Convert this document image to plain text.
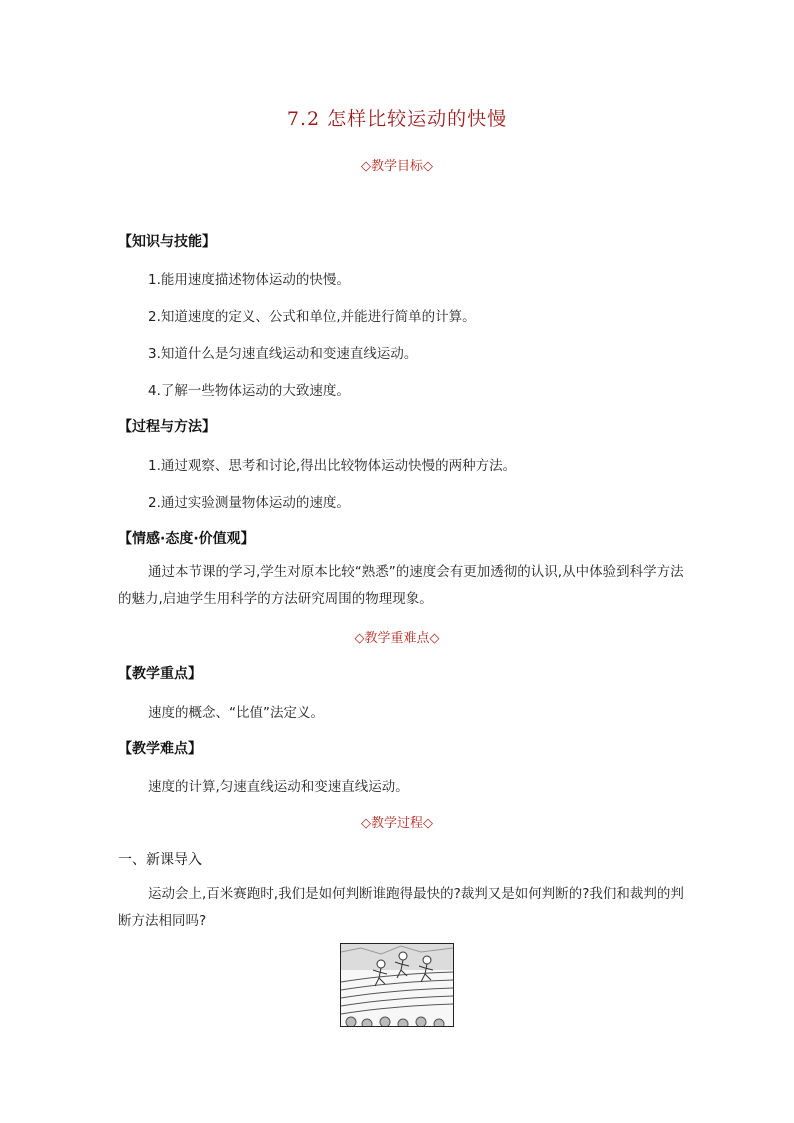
7.2 怎样比较运动的快慢
◇教学目标◇
【知识与技能】
1.能用速度描述物体运动的快慢。
2.知道速度的定义、公式和单位,并能进行简单的计算。
3.知道什么是匀速直线运动和变速直线运动。
4.了解一些物体运动的大致速度。
【过程与方法】
1.通过观察、思考和讨论,得出比较物体运动快慢的两种方法。
2.通过实验测量物体运动的速度。
【情感·态度·价值观】
通过本节课的学习,学生对原本比较“熟悉”的速度会有更加透彻的认识,从中体验到科学方法的魅力,启迪学生用科学的方法研究周围的物理现象。
◇教学重难点◇
【教学重点】
速度的概念、“比值”法定义。
【教学难点】
速度的计算,匀速直线运动和变速直线运动。
◇教学过程◇
一、新课导入
运动会上,百米赛跑时,我们是如何判断谁跑得最快的?裁判又是如何判断的?我们和裁判的判断方法相同吗?
